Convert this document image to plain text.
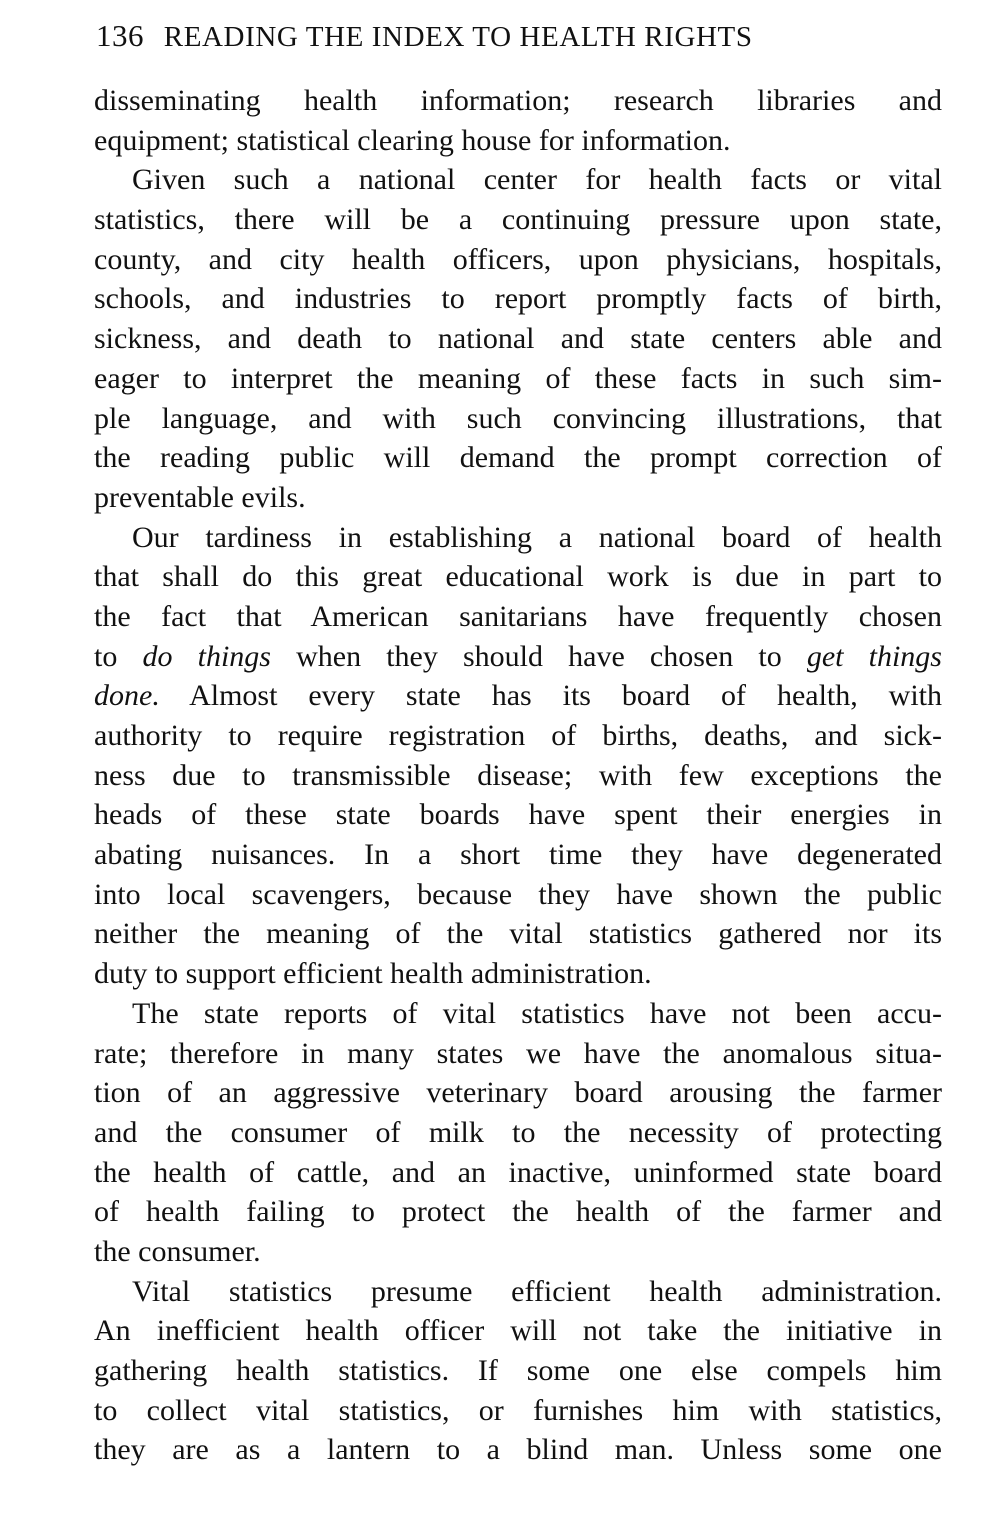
136 READING THE INDEX TO HEALTH RIGHTS
disseminating health information; research libraries and
equipment; statistical clearing house for information.
Given such a national center for health facts or vital
statistics, there will be a continuing pressure upon state,
county, and city health officers, upon physicians, hospitals,
schools, and industries to report promptly facts of birth,
sickness, and death to national and state centers able and
eager to interpret the meaning of these facts in such sim-
ple language, and with such convincing illustrations, that
the reading public will demand the prompt correction of
preventable evils.
Our tardiness in establishing a national board of health
that shall do this great educational work is due in part to
the fact that American sanitarians have frequently chosen
to do things when they should have chosen to get things
done. Almost every state has its board of health, with
authority to require registration of births, deaths, and sick-
ness due to transmissible disease; with few exceptions the
heads of these state boards have spent their energies in
abating nuisances. In a short time they have degenerated
into local scavengers, because they have shown the public
neither the meaning of the vital statistics gathered nor its
duty to support efficient health administration.
The state reports of vital statistics have not been accu-
rate; therefore in many states we have the anomalous situa-
tion of an aggressive veterinary board arousing the farmer
and the consumer of milk to the necessity of protecting
the health of cattle, and an inactive, uninformed state board
of health failing to protect the health of the farmer and
the consumer.
Vital statistics presume efficient health administration.
An inefficient health officer will not take the initiative in
gathering health statistics. If some one else compels him
to collect vital statistics, or furnishes him with statistics,
they are as a lantern to a blind man. Unless some one
